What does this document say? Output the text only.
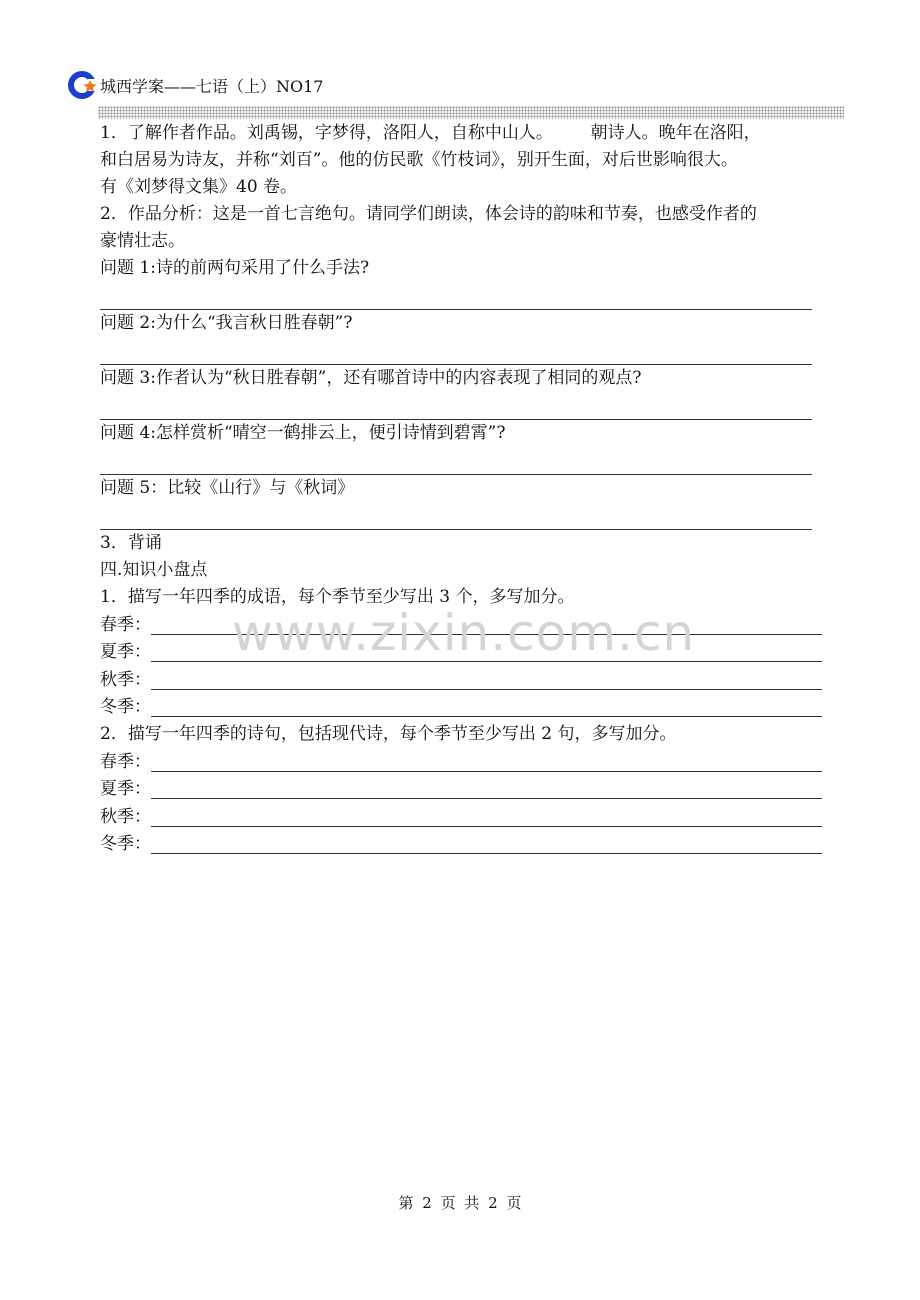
城西学案——七语（上）NO17

1．了解作者作品。刘禹锡，字梦得，洛阳人，自称中山人。       朝诗人。晚年在洛阳，

和白居易为诗友，并称“刘百”。他的仿民歌《竹枝词》，别开生面，对后世影响很大。

有《刘梦得文集》40 卷。

2．作品分析：这是一首七言绝句。请同学们朗读，体会诗的韵味和节奏，也感受作者的

豪情壮志。

问题 1:诗的前两句采用了什么手法?

问题 2:为什么“我言秋日胜春朝”?

问题 3:作者认为“秋日胜春朝”，还有哪首诗中的内容表现了相同的观点?

问题 4:怎样赏析“晴空一鹤排云上，便引诗情到碧霄”?

问题 5：比较《山行》与《秋词》

3．背诵

四.知识小盘点

1．描写一年四季的成语，每个季节至少写出 3 个，多写加分。

春季：
夏季：
秋季：
冬季：

2．描写一年四季的诗句，包括现代诗，每个季节至少写出 2 句，多写加分。

春季：
夏季：
秋季：
冬季：
www.zixin.com.cn
第 2 页 共 2 页
